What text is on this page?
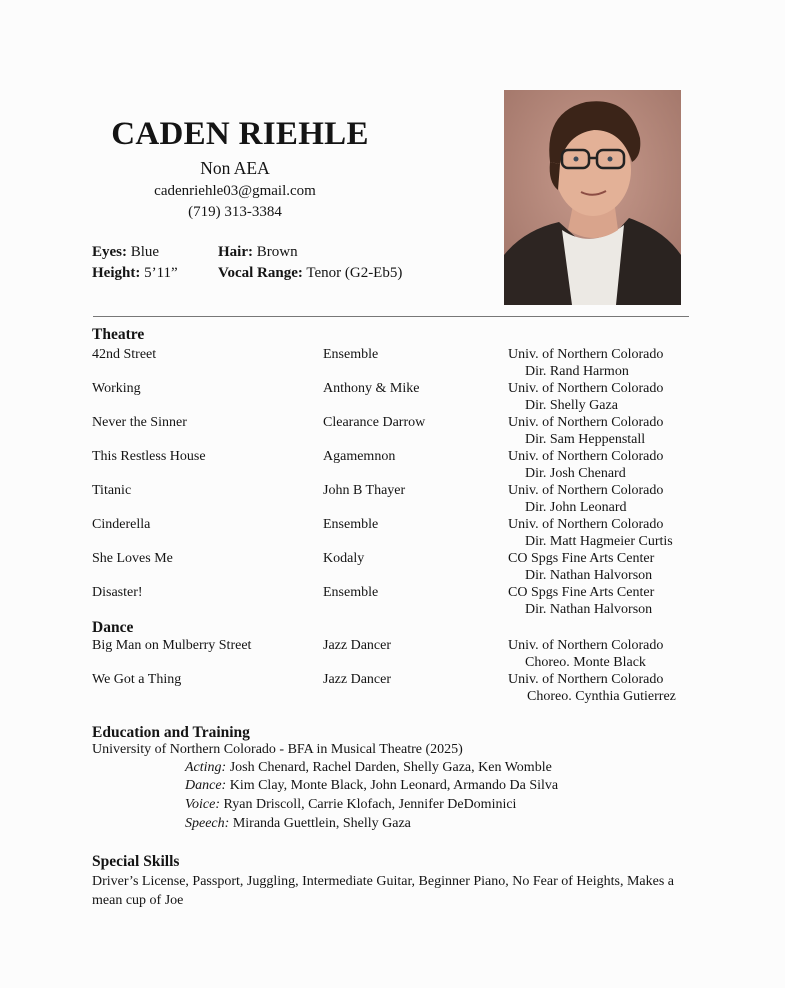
CADEN RIEHLE
Non AEA
cadenriehle03@gmail.com
(719) 313-3384
Eyes: Blue	Hair: Brown
Height: 5’11”	Vocal Range: Tenor (G2-Eb5)
Theatre
42nd Street	Ensemble	Univ. of Northern Colorado
Dir. Rand Harmon
Working	Anthony & Mike	Univ. of Northern Colorado
Dir. Shelly Gaza
Never the Sinner	Clearance Darrow	Univ. of Northern Colorado
Dir. Sam Heppenstall
This Restless House	Agamemnon	Univ. of Northern Colorado
Dir. Josh Chenard
Titanic	John B Thayer	Univ. of Northern Colorado
Dir. John Leonard
Cinderella	Ensemble	Univ. of Northern Colorado
Dir. Matt Hagmeier Curtis
She Loves Me	Kodaly	CO Spgs Fine Arts Center
Dir. Nathan Halvorson
Disaster!	Ensemble	CO Spgs Fine Arts Center
Dir. Nathan Halvorson
Dance
Big Man on Mulberry Street	Jazz Dancer	Univ. of Northern Colorado
Choreo. Monte Black
We Got a Thing	Jazz Dancer	Univ. of Northern Colorado
Choreo. Cynthia Gutierrez
Education and Training
University of Northern Colorado - BFA in Musical Theatre (2025)
Acting: Josh Chenard, Rachel Darden, Shelly Gaza, Ken Womble
Dance: Kim Clay, Monte Black, John Leonard, Armando Da Silva
Voice: Ryan Driscoll, Carrie Klofach, Jennifer DeDominici
Speech: Miranda Guettlein, Shelly Gaza
Special Skills
Driver’s License, Passport, Juggling, Intermediate Guitar, Beginner Piano, No Fear of Heights, Makes a mean cup of Joe
